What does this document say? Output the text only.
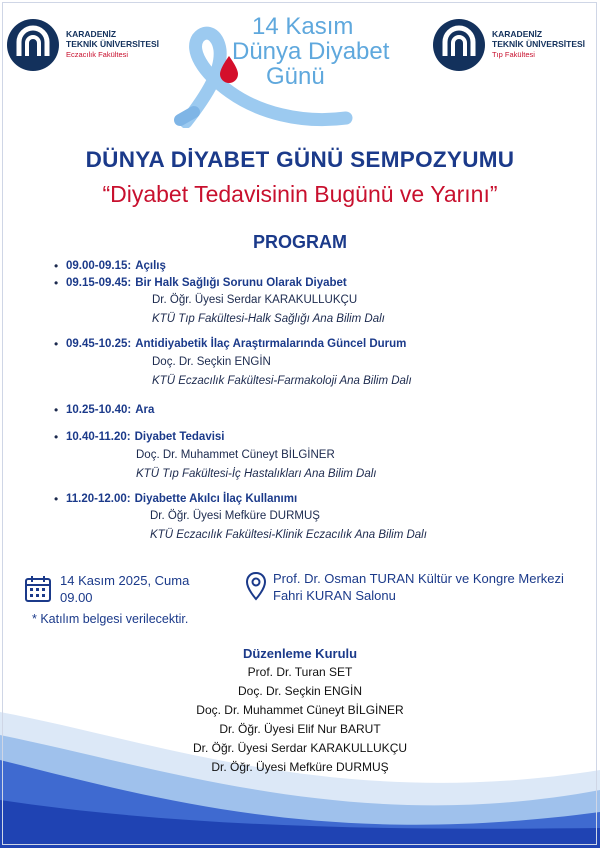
KARADENİZ
TEKNİK ÜNİVERSİTESİ
Eczacılık Fakültesi
KARADENİZ
TEKNİK ÜNİVERSİTESİ
Tıp Fakültesi
14 Kasım
Dünya Diyabet
Günü
DÜNYA DİYABET GÜNÜ SEMPOZYUMU
“Diyabet Tedavisinin Bugünü ve Yarını”
PROGRAM
• 09.00-09.15: Açılış
• 09.15-09.45: Bir Halk Sağlığı Sorunu Olarak Diyabet
Dr. Öğr. Üyesi Serdar KARAKULLUKÇU
KTÜ Tıp Fakültesi-Halk Sağlığı Ana Bilim Dalı
• 09.45-10.25: Antidiyabetik İlaç Araştırmalarında Güncel Durum
Doç. Dr. Seçkin ENGİN
KTÜ Eczacılık Fakültesi-Farmakoloji Ana Bilim Dalı
• 10.25-10.40: Ara
• 10.40-11.20: Diyabet Tedavisi
Doç. Dr. Muhammet Cüneyt BİLGİNER
KTÜ Tıp Fakültesi-İç Hastalıkları Ana Bilim Dalı
• 11.20-12.00: Diyabette Akılcı İlaç Kullanımı
Dr. Öğr. Üyesi Mefküre DURMUŞ
KTÜ Eczacılık Fakültesi-Klinik Eczacılık Ana Bilim Dalı
14 Kasım 2025, Cuma
09.00
Prof. Dr. Osman TURAN Kültür ve Kongre Merkezi
Fahri KURAN Salonu
* Katılım belgesi verilecektir.
Düzenleme Kurulu
Prof. Dr. Turan SET
Doç. Dr. Seçkin ENGİN
Doç. Dr. Muhammet Cüneyt BİLGİNER
Dr. Öğr. Üyesi Elif Nur BARUT
Dr. Öğr. Üyesi Serdar KARAKULLUKÇU
Dr. Öğr. Üyesi Mefküre DURMUŞ
